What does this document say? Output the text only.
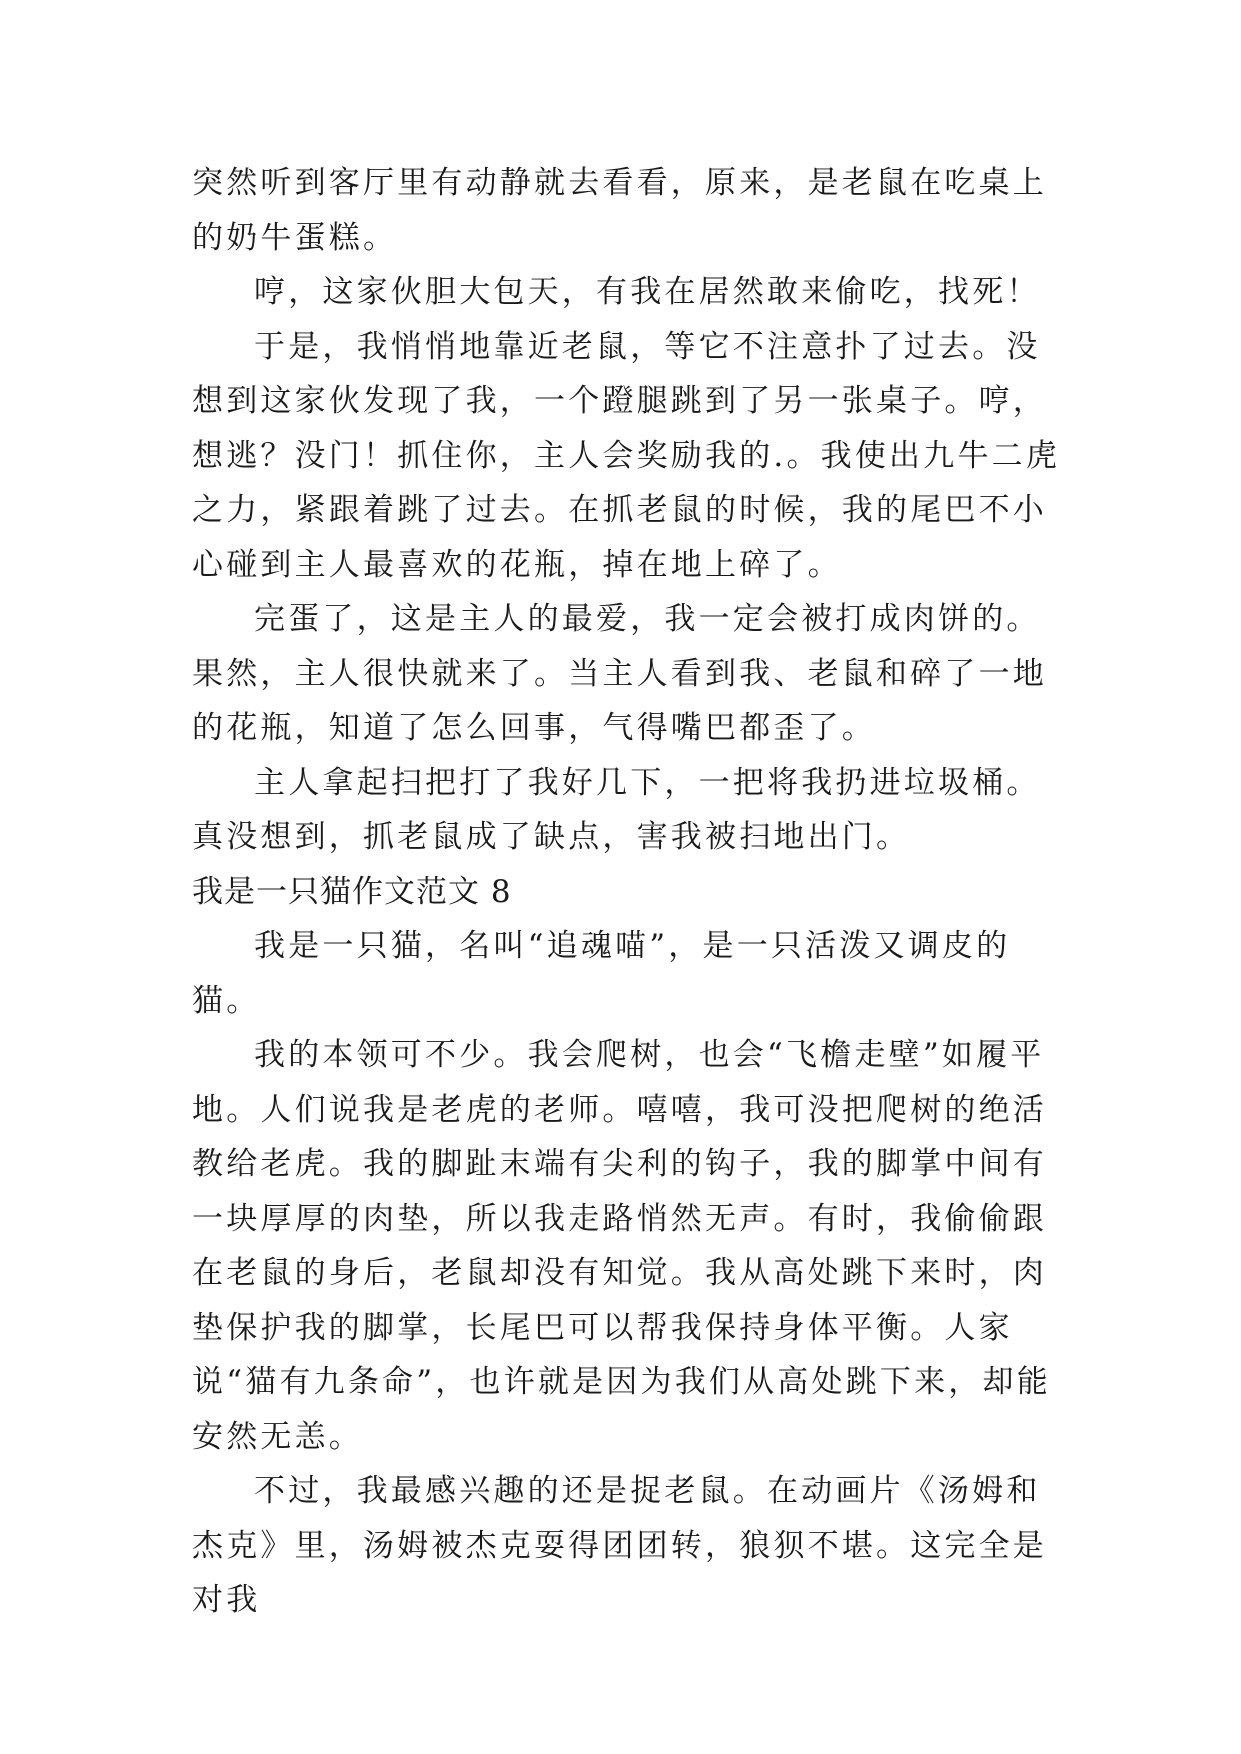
突然听到客厅里有动静就去看看，原来，是老鼠在吃桌上的奶牛蛋糕。

哼，这家伙胆大包天，有我在居然敢来偷吃，找死！

于是，我悄悄地靠近老鼠，等它不注意扑了过去。没想到这家伙发现了我，一个蹬腿跳到了另一张桌子。哼，想逃？没门！抓住你，主人会奖励我的.。我使出九牛二虎之力，紧跟着跳了过去。在抓老鼠的时候，我的尾巴不小心碰到主人最喜欢的花瓶，掉在地上碎了。

完蛋了，这是主人的最爱，我一定会被打成肉饼的。果然，主人很快就来了。当主人看到我、老鼠和碎了一地的花瓶，知道了怎么回事，气得嘴巴都歪了。

主人拿起扫把打了我好几下，一把将我扔进垃圾桶。真没想到，抓老鼠成了缺点，害我被扫地出门。

我是一只猫作文范文 8

我是一只猫，名叫“追魂喵”，是一只活泼又调皮的猫。

我的本领可不少。我会爬树，也会“飞檐走壁”如履平地。人们说我是老虎的老师。嘻嘻，我可没把爬树的绝活教给老虎。我的脚趾末端有尖利的钩子，我的脚掌中间有一块厚厚的肉垫，所以我走路悄然无声。有时，我偷偷跟在老鼠的身后，老鼠却没有知觉。我从高处跳下来时，肉垫保护我的脚掌，长尾巴可以帮我保持身体平衡。人家说“猫有九条命”，也许就是因为我们从高处跳下来，却能安然无恙。

不过，我最感兴趣的还是捉老鼠。在动画片《汤姆和杰克》里，汤姆被杰克耍得团团转，狼狈不堪。这完全是对我
